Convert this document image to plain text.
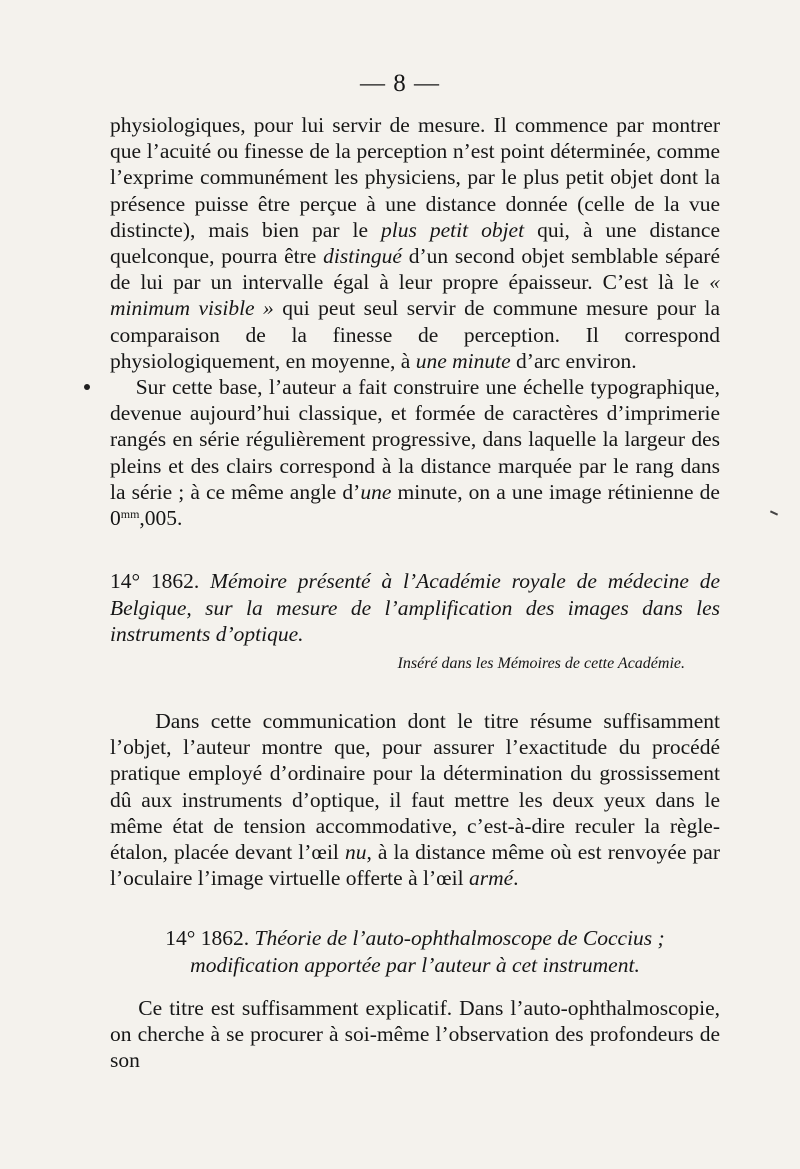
— 8 —

physiologiques, pour lui servir de mesure. Il commence par montrer que l’acuité ou finesse de la perception n’est point déterminée, comme l’exprime communément les physiciens, par le plus petit objet dont la présence puisse être perçue à une distance donnée (celle de la vue distincte), mais bien par le plus petit objet qui, à une distance quelconque, pourra être distingué d’un second objet semblable séparé de lui par un intervalle égal à leur propre épaisseur. C’est là le « minimum visible » qui peut seul servir de commune mesure pour la comparaison de la finesse de perception. Il correspond physiologiquement, en moyenne, à une minute d’arc environ.

Sur cette base, l’auteur a fait construire une échelle typographique, devenue aujourd’hui classique, et formée de caractères d’imprimerie rangés en série régulièrement progressive, dans laquelle la largeur des pleins et des clairs correspond à la distance marquée par le rang dans la série ; à ce même angle d’une minute, on a une image rétinienne de $0^{mm},005$.

14° 1862. Mémoire présenté à l’Académie royale de médecine de Belgique, sur la mesure de l’amplification des images dans les instruments d’optique.
Inséré dans les Mémoires de cette Académie.

Dans cette communication dont le titre résume suffisamment l’objet, l’auteur montre que, pour assurer l’exactitude du procédé pratique employé d’ordinaire pour la détermination du grossissement dû aux instruments d’optique, il faut mettre les deux yeux dans le même état de tension accommodative, c’est-à-dire reculer la règle-étalon, placée devant l’œil nu, à la distance même où est renvoyée par l’oculaire l’image virtuelle offerte à l’œil armé.

14° 1862. Théorie de l’auto-ophthalmoscope de Coccius ; modification apportée par l’auteur à cet instrument.

Ce titre est suffisamment explicatif. Dans l’auto-ophthalmoscopie, on cherche à se procurer à soi-même l’observation des profondeurs de son
